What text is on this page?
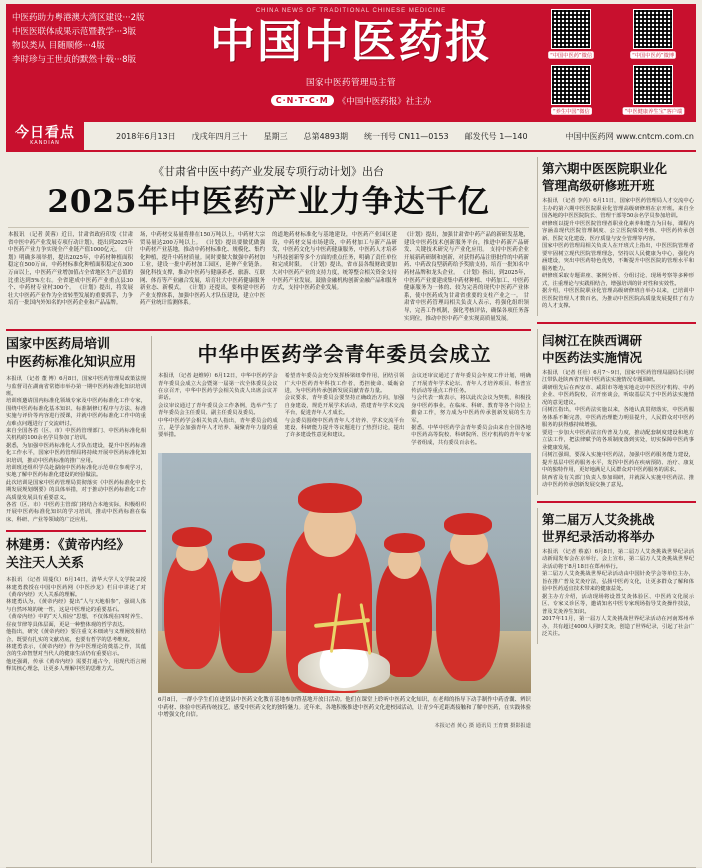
中医药助力粤港澳大湾区建设···2版
中医医联体成果示范暨教学···3版
物以类从 目随顺修···4版
李时珍与王世贞的默然十载···8版
CHINA NEWS OF TRADITIONAL CHINESE MEDICINE
中国中医药报
国家中医药管理局主管
C·N·T·C·M	《中国中医药报》社主办
“中国中医药”微信	“中国中医药”微博
“养生中国”微信	“中医健康养生宝”客户端
今日看点
KANDIAN
2018年6月13日 戊戌年四月三十 星期三 总第4893期 统一刊号 CN11—0153 邮发代号 1—140	中国中医药网 www.cntcm.com.cn
《甘肃省中医中药产业发展专项行动计划》出台
2025年中医药产业力争达千亿
本报讯 （记者 黄蓉）近日，甘肃省政府印发《甘肃省中医中药产业发展专项行动计划》，提出到2025年中医药产业力争实现全产业链产值1000亿元。 《计划》明确多项举措，提出2025年，中药材种植面积稳定在500万亩，中药材标准化种植面积稳定在300万亩以上，中医药产业增加值占全省地区生产总值的比重达到5%左右。全省建成中医药产业重点县30个、中药材专业村300个。 《计划》提出，将发展壮大中医药产业作为全省转型发展的重要抓手，力争培育一批国内外知名的中医药企业和产品品牌。
场，中药材交易量将排在150万吨以上，中药材大宗贸易量达200万吨以上。 《计划》提出要做优做强中药材产业基地，推动中药材标准化、规模化、集约化种植，提升中药材质量。同时要做大做强中药材加工业，建设一批中药材加工园区，延伸产业链条。 强化科技支撑，推动中医药与健康养老、旅游、互联网、体育等产业融合发展，培育壮大中医药健康服务新业态、新模式。 《计划》还提出，要构建中医药产业支撑体系，加强中医药人才队伍建设，建立中医药产业统计监测体系。
的道地药材标准化与基地建设，中医药产业园区建设，中药材交易市场建设，中药材加工与新产品研发，中医药文化与中医药健康服务，中医药人才培养与科技创新等多个方面的重点任务，明确了责任单位和完成时限。 《计划》提出，省市县各级财政要加大对中医药产业的支持力度，统筹整合相关资金支持中医药产业发展。鼓励金融机构创新金融产品和服务方式，支持中医药企业发展。
《计划》提出，加强甘肃省中药产品的新研发基地，建设中医药技术创新服务平台，推进中药新产品研发、关键技术研究与产业化应用。 支持中医药企业开展新药研制和创新，对获得药品注册批件的中药新药、中药改良型新药给予奖励支持，培育一批知名中药材品牌和龙头企业。 《计划》指出，到2025年，中医药产业要建成集中药材种植、中药加工、中医药健康服务为一体的、较为完善的现代中医药产业体系，使中医药成为甘肃省重要的支柱产业之一。 甘肃省中医药管理局相关负责人表示，将强化组织领导，完善工作机制，强化考核评估，确保各项任务落实到位，推动中医中药产业实现高质量发展。
国家中医药局培训
中医药标准化知识应用
本报讯 （记者 董 博）6月8日，国家中医药管理局政策法规与监督司在湖南省常德市举办第一期中医药标准化知识培训班。
培训班邀请国内标准化领域专家及中医药标准化工作专家，围绕中医药标准化基本知识、标准制修订程序与方法、标准实施与评价等内容进行授课，并就中医药标准化工作中的重点难点问题进行了交流研讨。
来自全国各省（区、市）中医药管理部门、中医药标准化相关机构的100余名学员参加了培训。
据悉，为加强中医药标准化人才队伍建设，提升中医药标准化工作水平，国家中医药管理局将持续开展中医药标准化知识培训，推动中医药标准的推广应用。
培训班还组织学员赴湖南中医药标准化示范单位参观学习，实地了解中医药标准化建设的经验做法。
此次培训是国家中医药管理局贯彻落实《中医药标准化中长期发展规划纲要》的具体举措，对于推动中医药标准化工作高质量发展具有重要意义。
各省（区、市）中医药主管部门将结合本地实际，积极组织开展中医药标准化知识的学习培训，推动中医药标准在临床、科研、产业等领域的广泛应用。
林建勇：《黄帝内经》
关注天人关系
本报讯 （记者 周蔓仪）6月14日，清华大学人文学院교授林建勇教授在中国中医药网《中医沙龙》栏目中讲述了对《黄帝内经》天人关系的理解。
林建勇认为，《黄帝内经》提出“人与天地相参”，强调人体与自然环境的统一性，这是中医理论的重要基石。
《黄帝内经》中的“天人相应”思想，不仅体现在四时养生、昼夜节律等具体层面，更是一种整体观的哲学表达。
他指出，研究《黄帝内经》要注重文本细读与义理阐发相结合，既要有扎实的文献功底，也要有哲学的思考维度。
林建勇表示，《黄帝内经》作为中医理论的奠基之作，其蕴含的生命智慧对当代人的健康生活仍有重要启示。
他还强调，传承《黄帝内经》需要打通古今，用现代语言阐释其核心理念，让更多人理解中医的思维方式。
中华中医药学会青年委员会成立
本报讯 （记者 赵维婷）6月12日，中华中医药学会青年委员会成立大会暨第一届第一次全体委员会议在京召开，中华中医药学会相关负责人出席会议并讲话。
会议审议通过了青年委员会工作条例，选举产生了青年委员会主任委员、副主任委员及委员。
中华中医药学会相关负责人指出，青年委员会的成立，是学会加强青年人才培养、凝聚青年力量的重要举措。
希望青年委员会充分发挥桥梁纽带作用，团结引领广大中医药青年科技工作者，勇担使命、砥砺奋进，为中医药传承创新发展贡献青春力量。
会议要求，青年委员会要坚持正确政治方向，加强自身建设，规范开展学术活动，搭建青年学术交流平台，促进青年人才成长。
与会委员围绕中医药青年人才培养、学术交流平台建设、科研能力提升等议题进行了热烈讨论，提出了许多建设性意见和建议。
会议还审议通过了青年委员会年度工作计划，明确了开展青年学术论坛、青年人才培养项目、科普宣传活动等重点工作任务。
与会代表一致表示，将以此次会议为契机，积极投身中医药事业，在临床、科研、教育等各个岗位上勤奋工作，努力成为中医药传承创新发展的生力军。
据悉，中华中医药学会青年委员会由来自全国各地中医药高等院校、科研院所、医疗机构的青年专家学者组成，共有委员百余名。
6月8日，一群小学生们在进贤县中医药文化教育基地参加暨基地开放日活动。他们在课堂上聆听中医药文化知识，在老师的指导下动手制作中药香囊、辨识中药材、体验中医药传统技艺，感受中医药文化的独特魅力。近年来，各地积极推进中医药文化进校园活动，让青少年近距离接触和了解中医药，在实践体验中增强文化自信。
本报记者 黄心 摄 通讯员 王育寶 摄影报道
第六期中医医院职业化
管理高级研修班开班
本报讯 （记者 李芮）6月11日，国家中医药管理局人才交流中心主办的第六期中医医院职业化管理高级研修班在京开班。来自全国各地的中医医院院长、管理干部等50余名学员参加培训。
研修班以提升中医医院管理者职业化素养和能力为目标，课程内容涵盖现代医院管理制度、公立医院绩效考核、中医药传承创新、医院文化建设、医疗质量与安全管理等内容。
国家中医药管理局相关负责人在开班式上指出，中医医院管理者要牢固树立现代医院管理理念，坚持以人民健康为中心，强化内涵建设，突出中医药特色优势，不断提升中医医院的管理水平和服务能力。
研修班采取专题讲座、案例分析、分组讨论、现场考察等多种形式，注重理论与实践相结合，增强培训的针对性和实效性。
据介绍，中医医院职业化管理高级研修班自举办以来，已培训中医医院管理人才数百名，为推动中医医院高质量发展提供了有力的人才支撑。
闫树江在陕西调研
中医药法实施情况
本报讯 （记者 任壮）6月7～9日，国家中医药管理局副局长闫树江带队赴陕西省开展中医药法实施情况专题调研。
调研组先后在西安市、咸阳市等地实地走访中医医疗机构、中药企业、中医药院校，召开座谈会，听取基层关于中医药法实施情况的意见建议。
闫树江指出，中医药法实施以来，各地认真贯彻落实，中医药服务体系不断完善，中医药治理能力明显提升，人民群众对中医药服务的获得感持续增强。
要进一步加大中医药法宣传普及力度，推动配套制度建设和地方立法工作，把法律赋予的各项制度落到实处，切实保障中医药事业健康发展。
闫树江强调，要深入实施中医药法，加强中医药服务能力建设，提升基层中医药服务水平，发挥中医药在疾病预防、治疗、康复中的独特作用，更好地满足人民群众对中医药服务的需求。
陕西省及有关部门负责人参加调研，并就深入实施中医药法、推动中医药传承创新发展交换了意见。
第二届万人艾灸挑战
世界纪录活动将举办
本报讯 （记者 蔡嘉）6月8日，第二届万人艾灸挑战世界纪录活动新闻发布会在京举行，会上宣布，第二届万人艾灸挑战世界纪录活动将于8月18日在郑州举行。
第二届万人艾灸挑战世界纪录活动由中国针灸学会等单位主办，旨在推广普及艾灸疗法，弘扬中医药文化，让更多群众了解和体验中医药适宜技术带来的健康益处。
据主办方介绍，活动现场将设置艾灸体验区、中医药文化展示区、专家义诊区等，邀请知名中医专家现场指导艾灸操作技法，普及艾灸养生知识。
2017年11月，第一届万人艾灸挑战世界纪录活动在河南郑州举办，共有超过4000人同时艾灸，创造了世界纪录，引起了社会广泛关注。
